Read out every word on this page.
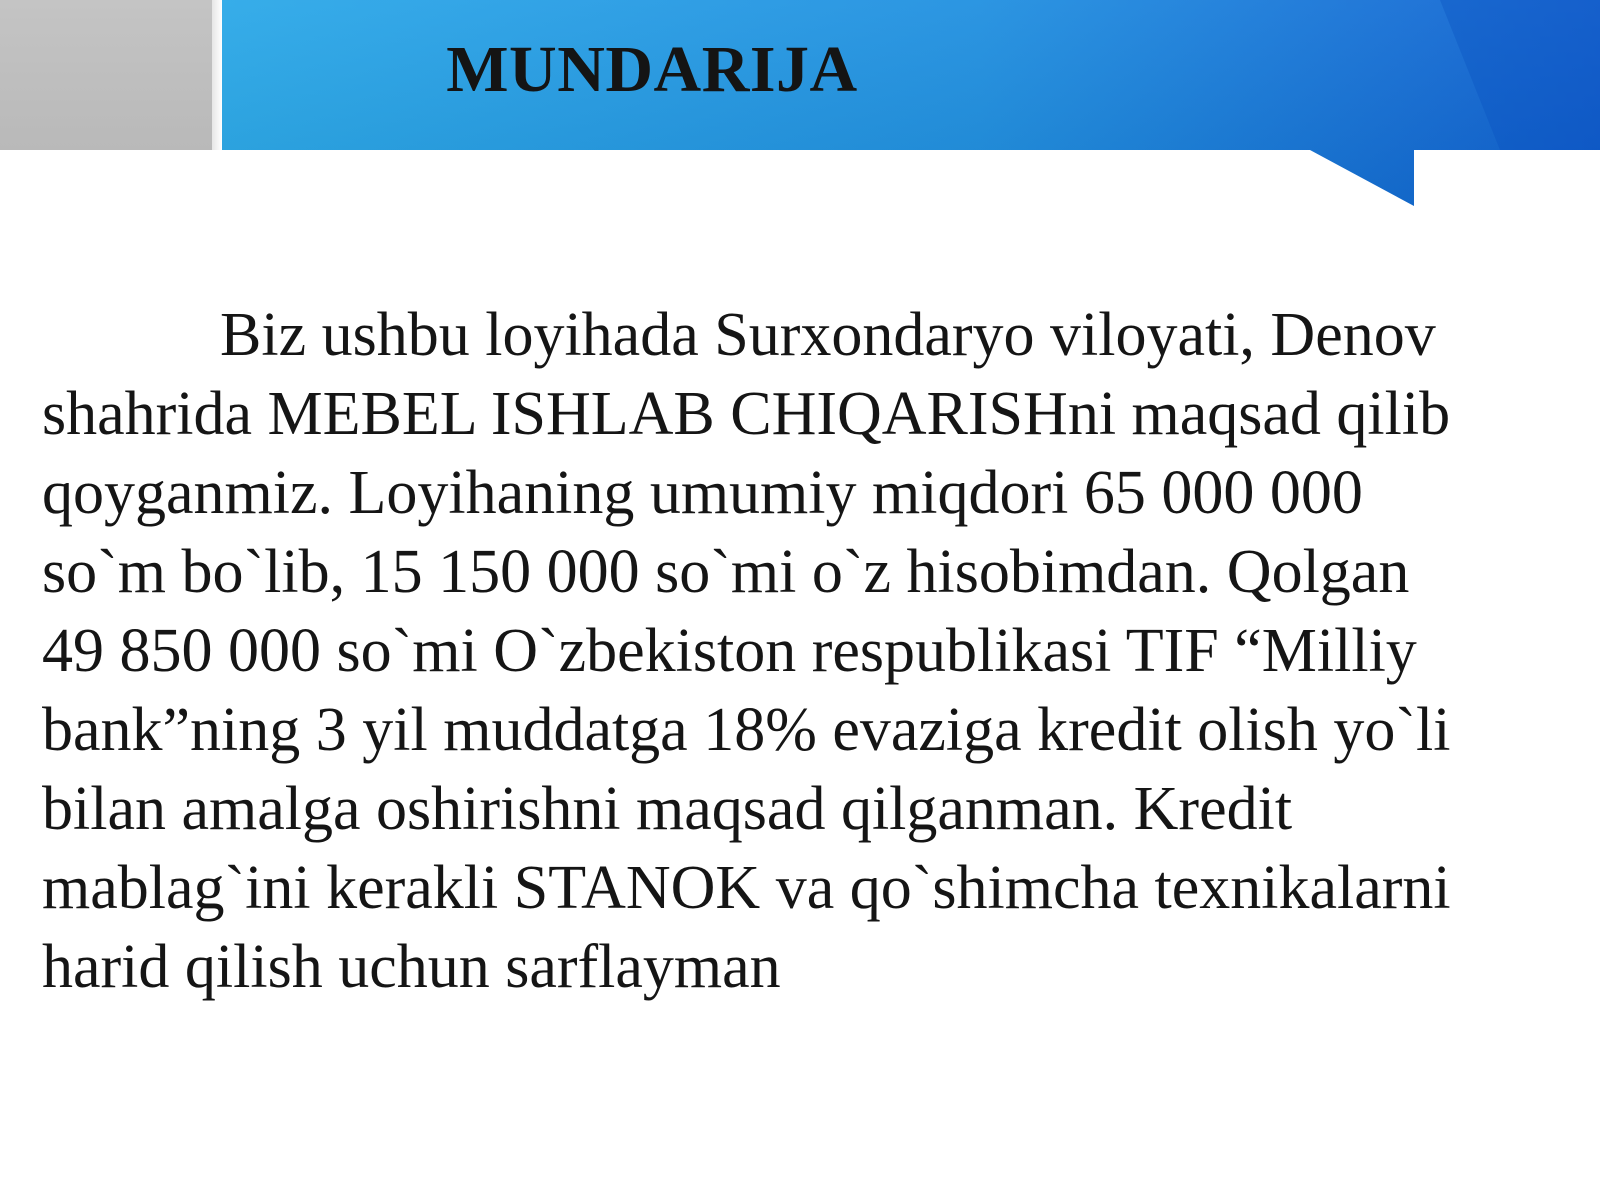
MUNDARIJA

Biz ushbu loyihada Surxondaryo viloyati, Denov
shahrida MEBEL ISHLAB CHIQARISHni maqsad qilib
qoyganmiz. Loyihaning umumiy miqdori 65 000 000
so`m bo`lib, 15 150 000 so`mi o`z hisobimdan. Qolgan
49 850 000 so`mi O`zbekiston respublikasi TIF “Milliy
bank”ning 3 yil muddatga 18% evaziga kredit olish yo`li
bilan amalga oshirishni maqsad qilganman. Kredit
mablag`ini kerakli STANOK va qo`shimcha texnikalarni
harid qilish uchun sarflayman
